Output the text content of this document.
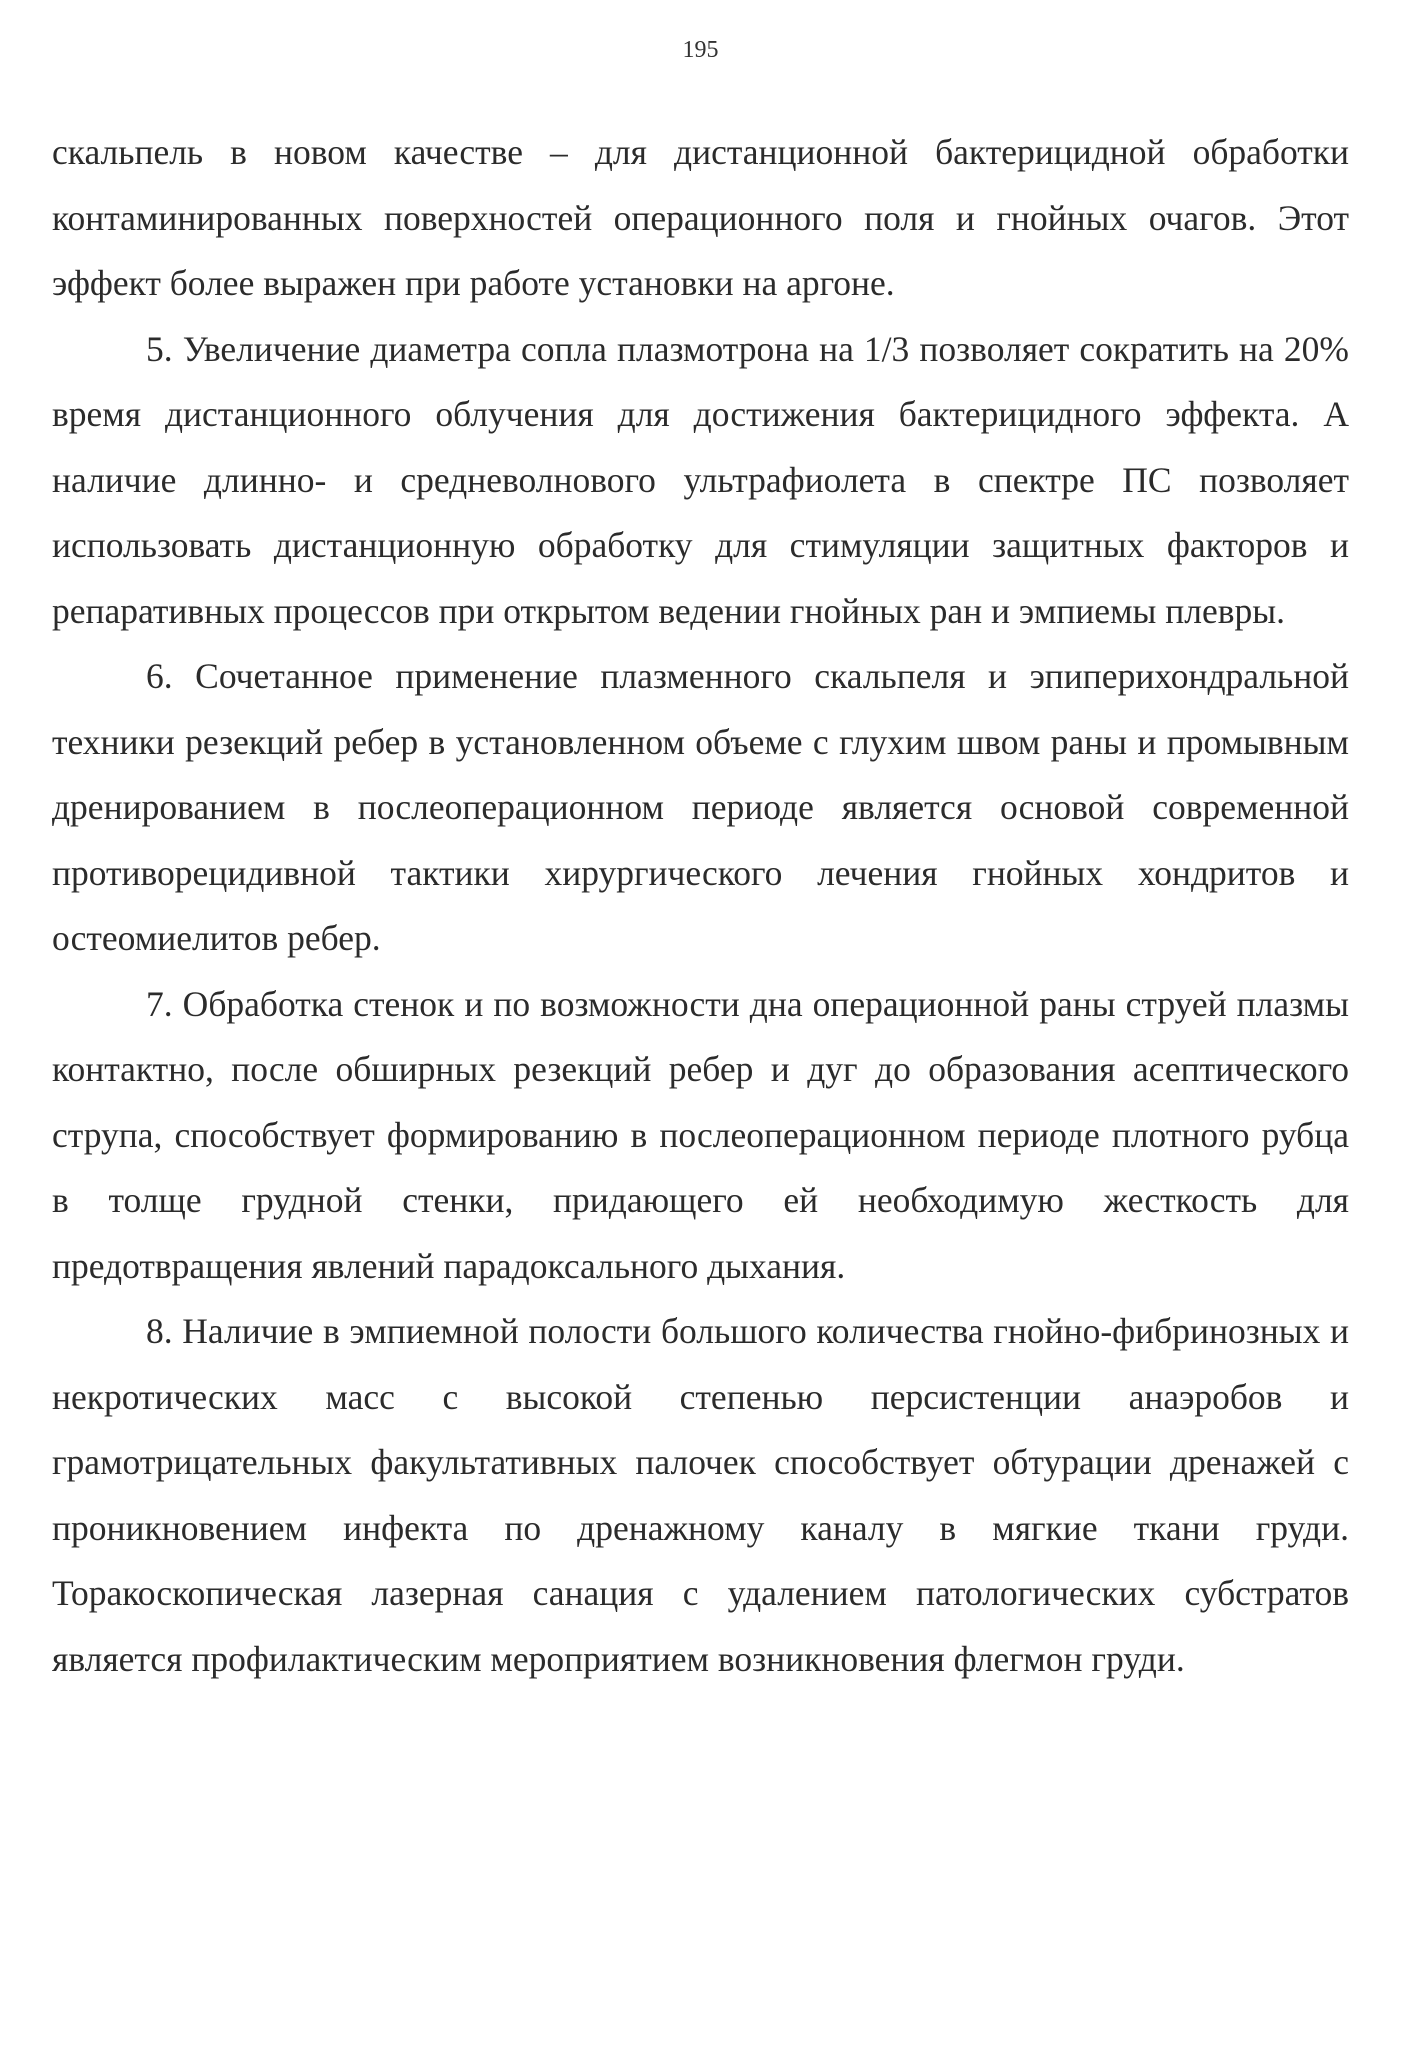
195

скальпель в новом качестве – для дистанционной бактерицидной обработки контаминированных поверхностей операционного поля и гнойных очагов. Этот эффект более выражен при работе установки на аргоне.

5. Увеличение диаметра сопла плазмотрона на 1/3 позволяет сократить на 20% время дистанционного облучения для достижения бактерицидного эффекта. А наличие длинно- и средневолнового ультрафиолета в спектре ПС позволяет использовать дистанционную обработку для стимуляции защитных факторов и репаративных процессов при открытом ведении гнойных ран и эмпиемы плевры.

6. Сочетанное применение плазменного скальпеля и эпиперихондральной техники резекций ребер в установленном объеме с глухим швом раны и промывным дренированием в послеоперационном периоде является основой современной противорецидивной тактики хирургического лечения гнойных хондритов и остеомиелитов ребер.

7. Обработка стенок и по возможности дна операционной раны струей плазмы контактно, после обширных резекций ребер и дуг до образования асептического струпа, способствует формированию в послеоперационном периоде плотного рубца в толще грудной стенки, придающего ей необходимую жесткость для предотвращения явлений парадоксального дыхания.

8. Наличие в эмпиемной полости большого количества гнойно-фибринозных и некротических масс с высокой степенью персистенции анаэробов и грамотрицательных факультативных палочек способствует обтурации дренажей с проникновением инфекта по дренажному каналу в мягкие ткани груди. Торакоскопическая лазерная санация с удалением патологических субстратов является профилактическим мероприятием возникновения флегмон груди.
